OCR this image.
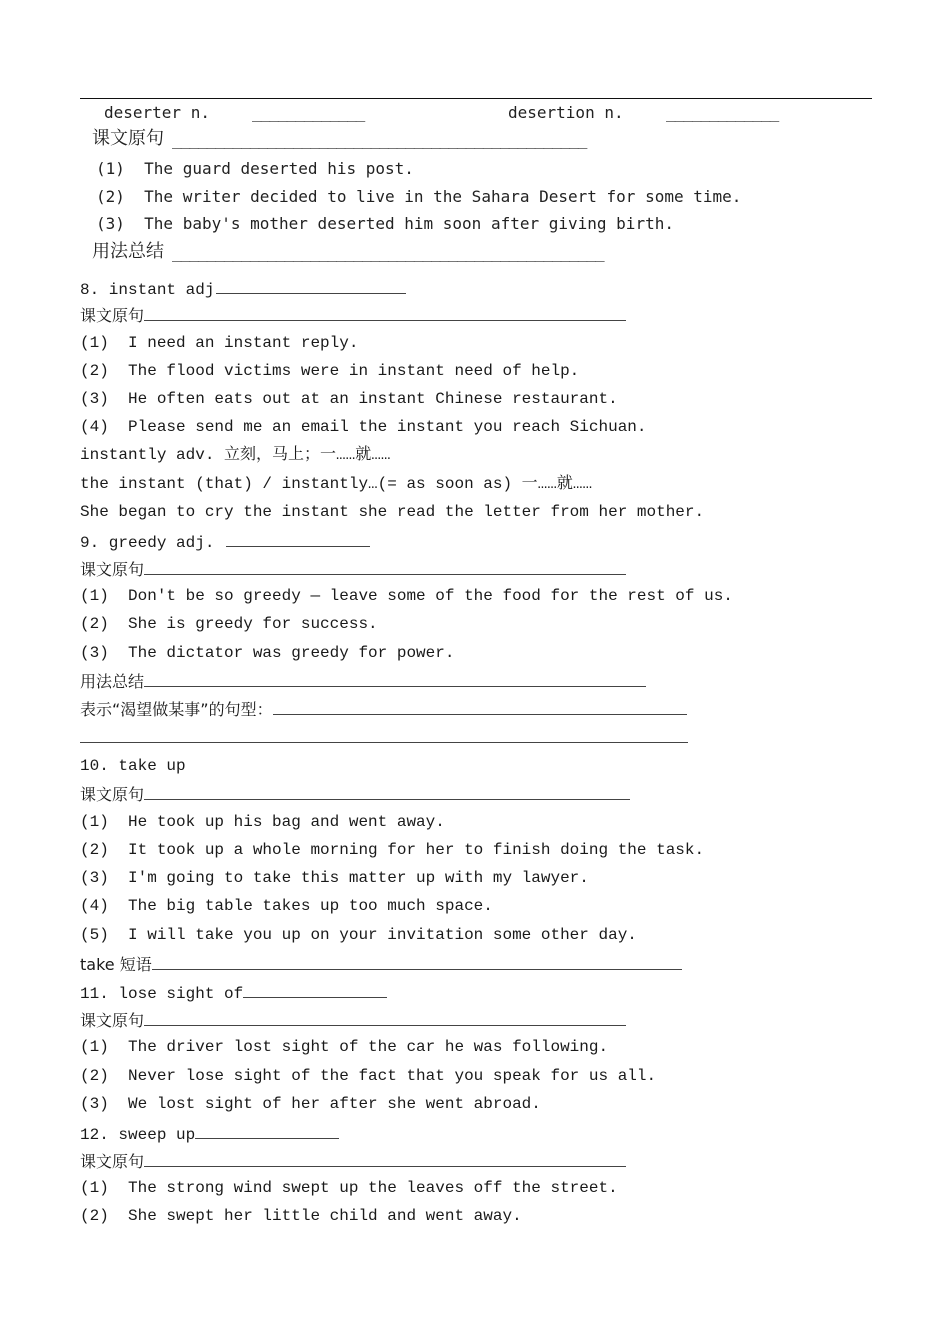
deserter n.	_____________	desertion n.	_____________
课文原句 ________________________________________________
(1)  The guard deserted his post.
(2)  The writer decided to live in the Sahara Desert for some time.
(3)  The baby's mother deserted him soon after giving birth.
用法总结 __________________________________________________
8. instant adj
课文原句
(1)  I need an instant reply.
(2)  The flood victims were in instant need of help.
(3)  He often eats out at an instant Chinese restaurant.
(4)  Please send me an email the instant you reach Sichuan.
instantly adv. 立刻，马上；一……就……
the instant (that) / instantly…(= as soon as) 一……就……
She began to cry the instant she read the letter from her mother.
9. greedy adj.
课文原句
(1)  Don't be so greedy — leave some of the food for the rest of us.
(2)  She is greedy for success.
(3)  The dictator was greedy for power.
用法总结
表示“渴望做某事”的句型：
10. take up
课文原句
(1)  He took up his bag and went away.
(2)  It took up a whole morning for her to finish doing the task.
(3)  I'm going to take this matter up with my lawyer.
(4)  The big table takes up too much space.
(5)  I will take you up on your invitation some other day.
take 短语
11. lose sight of
课文原句
(1)  The driver lost sight of the car he was following.
(2)  Never lose sight of the fact that you speak for us all.
(3)  We lost sight of her after she went abroad.
12. sweep up
课文原句
(1)  The strong wind swept up the leaves off the street.
(2)  She swept her little child and went away.
